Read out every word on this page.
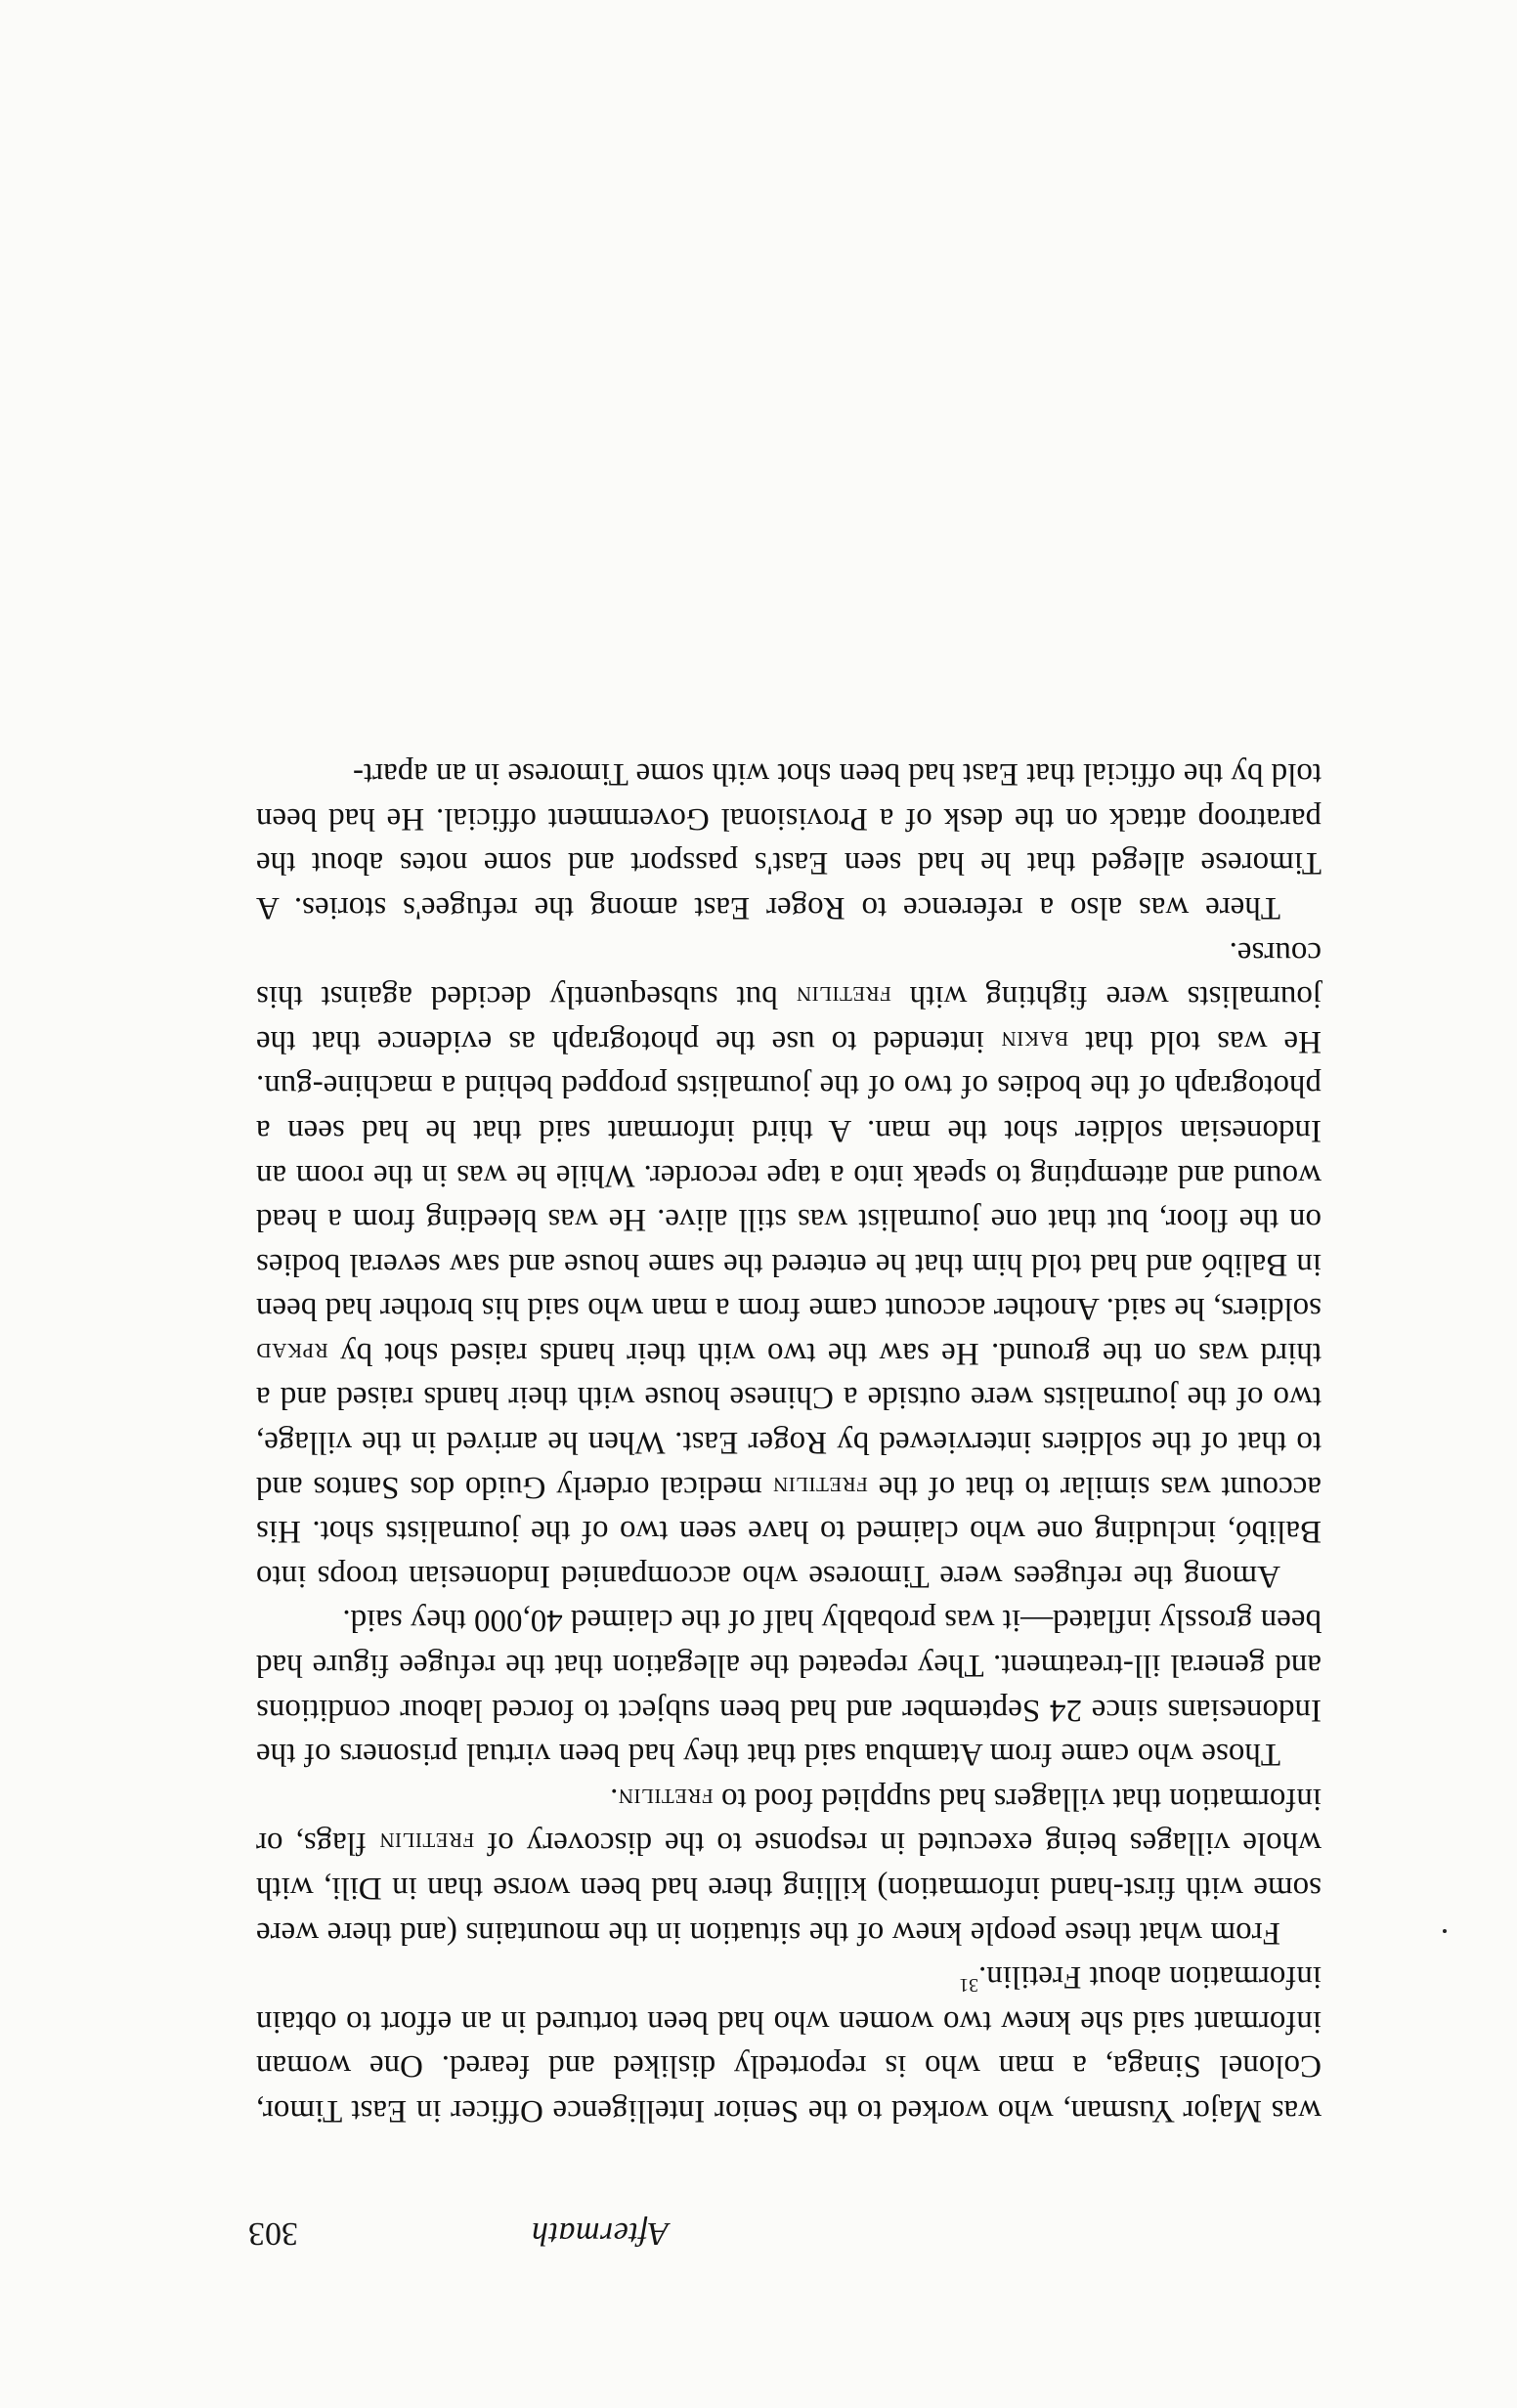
Aftermath
303

was Major Yusman, who worked to the Senior Intelligence Officer in East Timor, Colonel Sinaga, a man who is reportedly disliked and feared. One woman informant said she knew two women who had been tortured in an effort to obtain information about Fretilin.$^{31}$

From what these people knew of the situation in the mountains (and there were some with first-hand information) killing there had been worse than in Dili, with whole villages being executed in response to the discovery of fretilin flags, or information that villagers had supplied food to fretilin.

Those who came from Atambua said that they had been virtual prisoners of the Indonesians since 24 September and had been subject to forced labour conditions and general ill-treatment. They repeated the allegation that the refugee figure had been grossly inflated—it was probably half of the claimed 40,000 they said.

Among the refugees were Timorese who accompanied Indonesian troops into Balibó, including one who claimed to have seen two of the journalists shot. His account was similar to that of the fretilin medical orderly Guido dos Santos and to that of the soldiers interviewed by Roger East. When he arrived in the village, two of the journalists were outside a Chinese house with their hands raised and a third was on the ground. He saw the two with their hands raised shot by rpkad soldiers, he said. Another account came from a man who said his brother had been in Balibó and had told him that he entered the same house and saw several bodies on the floor, but that one journalist was still alive. He was bleeding from a head wound and attempting to speak into a tape recorder. While he was in the room an Indonesian soldier shot the man. A third informant said that he had seen a photograph of the bodies of two of the journalists propped behind a machine-gun. He was told that bakin intended to use the photograph as evidence that the journalists were fighting with fretilin but subsequently decided against this course.

There was also a reference to Roger East among the refugee's stories. A Timorese alleged that he had seen East's passport and some notes about the paratroop attack on the desk of a Provisional Government official. He had been told by the official that East had been shot with some Timorese in an apart-
